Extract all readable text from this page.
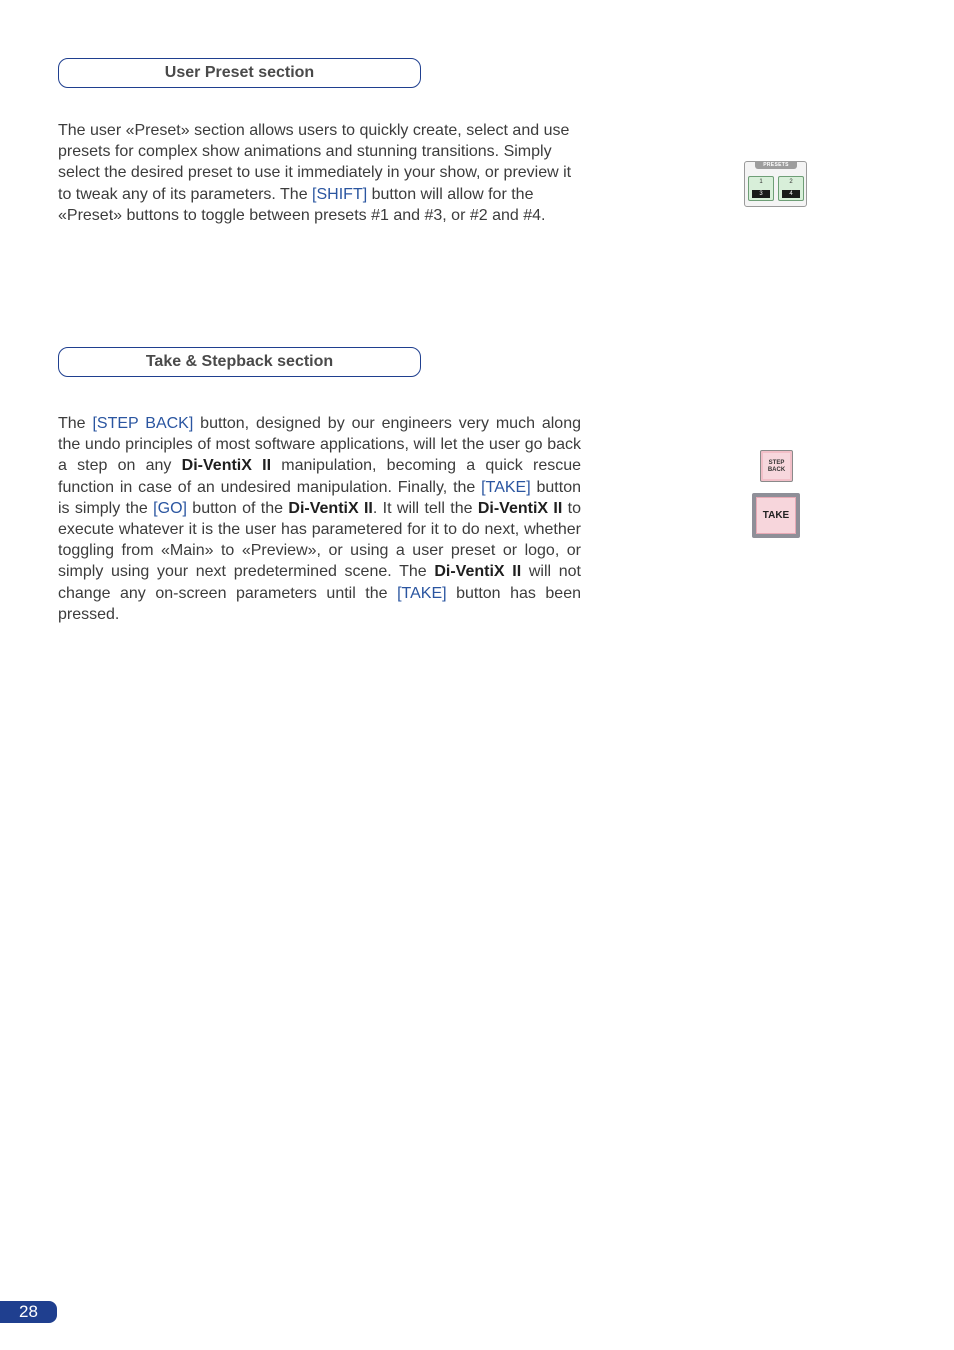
User Preset section

The user «Preset» section allows users to quickly create, select and use presets for complex show animations and stunning transitions. Simply select the desired preset to use it immediately in your show, or preview it to tweak any of its parameters. The [SHIFT] button will allow for the «Preset» buttons to toggle between presets #1 and #3, or #2 and #4.

PRESETS
1
3
2
4
Take & Stepback section

The [STEP BACK] button, designed by our engineers very much along the undo principles of most software applications, will let the user go back a step on any Di-VentiX II manipulation, becoming a quick rescue function in case of an undesired manipulation. Finally, the [TAKE] button is simply the [GO] button of the Di-VentiX II. It will tell the Di-VentiX II to execute whatever it is the user has parametered for it to do next, whether toggling from «Main» to «Preview», or using a user preset or logo, or simply using your next predetermined scene. The Di-VentiX II will not change any on-screen parameters until the [TAKE] button has been pressed.

STEP
BACK
TAKE
28
